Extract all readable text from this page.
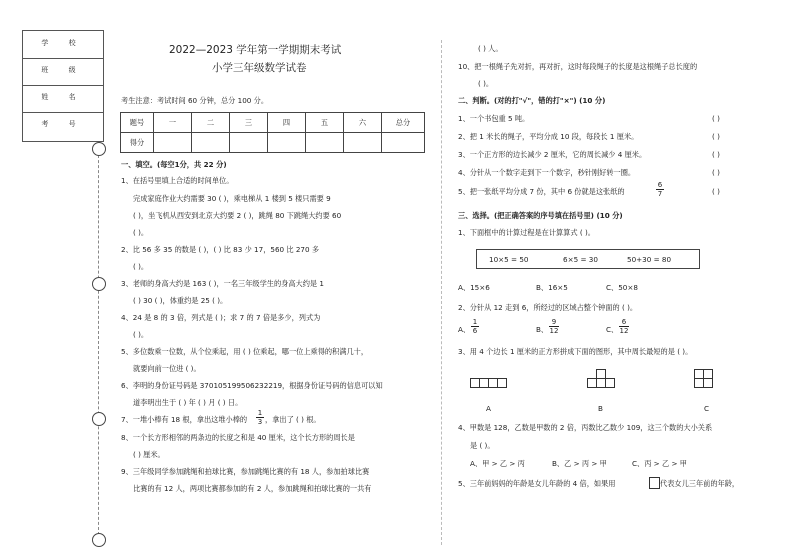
学 校
班 级
姓 名
考 号
2022—2023 学年第一学期期末考试
小学三年级数学试卷
考生注意：考试时间 60 分钟，总分 100 分。
题号	一	二	三	四	五	六	总分
得分							
一、填空。(每空1分，共 22 分)
1、在括号里填上合适的时间单位。
完成家庭作业大约需要 30 ( )，乘电梯从 1 楼到 5 楼只需要 9
( )，坐飞机从西安到北京大约要 2 ( )，跳绳 80 下跳绳大约要 60
( )。
2、比 56 多 35 的数是 ( )，( ) 比 83 少 17，560 比 270 多
( )。
3、老师的身高大约是 163 ( )，一名三年级学生的身高大约是 1
( ) 30 ( )，体重约是 25 ( )。
4、24 是 8 的 3 倍，列式是 ( )；求 7 的 7 倍是多少，列式为
( )。
5、多位数乘一位数，从个位乘起，用 ( ) 位乘起，哪一位上乘得的积满几十，
就要向前一位进 ( )。
6、李明的身份证号码是 370105199506232219，根据身份证号码的信息可以知
道李明出生于 ( ) 年 ( ) 月 ( ) 日。
7、一堆小棒有 18 根，拿出这堆小棒的 $\frac{1}{3}$ ，拿出了 ( ) 根。
8、一个长方形相邻的两条边的长度之和是 40 厘米，这个长方形的周长是
( ) 厘米。
9、三年级同学参加跳绳和拍球比赛，参加跳绳比赛的有 18 人，参加拍球比赛
比赛的有 12 人，两项比赛都参加的有 2 人，参加跳绳和拍球比赛的一共有
( ) 人。
10、把一根绳子先对折，再对折，这时每段绳子的长度是这根绳子总长度的
( )。
二、判断。(对的打"√"，错的打"×") (10 分)
1、一个书包重 5 吨。	( )
2、把 1 米长的绳子，平均分成 10 段，每段长 1 厘米。	( )
3、一个正方形的边长减少 2 厘米，它的周长减少 4 厘米。	( )
4、分针从一个数字走到下一个数字，秒针刚好转一圈。	( )
5、把一张纸平均分成 7 份，其中 6 份就是这张纸的	$\frac{6}{7}$	( )
三、选择。(把正确答案的序号填在括号里) (10 分)
1、下面框中的计算过程是在计算算式 ( )。
10×5 = 50	6×5 = 30	50+30 = 80
A、15×6	B、16×5	C、50×8
2、分针从 12 走到 6，所经过的区域占整个钟面的 ( )。
A、 $\frac{1}{6}$	B、 $\frac{9}{12}$	C、 $\frac{6}{12}$
3、用 4 个边长 1 厘米的正方形拼成下面的图形，其中周长最短的是 ( )。
A	B	C
4、甲数是 128，乙数是甲数的 2 倍，丙数比乙数少 109，这三个数的大小关系
是 ( )。
A、甲 > 乙 > 丙	B、乙 > 丙 > 甲	C、丙 > 乙 > 甲
5、三年前妈妈的年龄是女儿年龄的 4 倍，如果用	代表女儿三年前的年龄，
